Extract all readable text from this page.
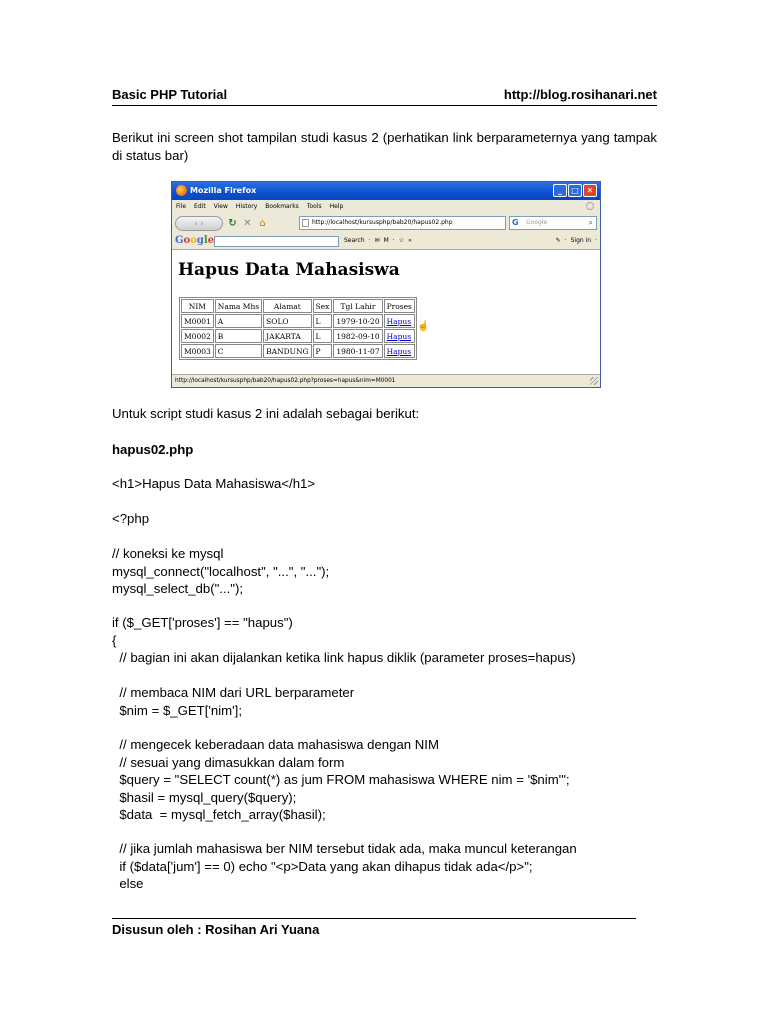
Basic PHP Tutorial	http://blog.rosihanari.net
Berikut ini screen shot tampilan studi kasus 2 (perhatikan link berparameternya yang tampak di status bar)
Mozilla Firefox	_	□ ✕
File Edit View History Bookmarks Tools Help
‹ ›	↻ ✕ ⌂	http://localhost/kursusphp/bab20/hapus02.php	G	Google	⌕
Google	Search · ✉ M · ☆ »	✎ · Sign in ·
Hapus Data Mahasiswa
NIM	Nama Mhs	Alamat	Sex	Tgl Lahir	Proses
M0001	A	SOLO	L	1979-10-20	Hapus
M0002	B	JAKARTA	L	1982-09-10	Hapus
M0003	C	BANDUNG	P	1980-11-07	Hapus
☝
http://localhost/kursusphp/bab20/hapus02.php?proses=hapus&nim=M0001
Untuk script studi kasus 2 ini adalah sebagai berikut:
hapus02.php
<h1>Hapus Data Mahasiswa</h1>
<?php
// koneksi ke mysql
mysql_connect("localhost", "...", "...");
mysql_select_db("...");
if ($_GET['proses'] == "hapus")
{
// bagian ini akan dijalankan ketika link hapus diklik (parameter proses=hapus)
// membaca NIM dari URL berparameter
$nim = $_GET['nim'];
// mengecek keberadaan data mahasiswa dengan NIM
// sesuai yang dimasukkan dalam form
$query = "SELECT count(*) as jum FROM mahasiswa WHERE nim = '$nim'";
$hasil = mysql_query($query);
$data  = mysql_fetch_array($hasil);
// jika jumlah mahasiswa ber NIM tersebut tidak ada, maka muncul keterangan
if ($data['jum'] == 0) echo "<p>Data yang akan dihapus tidak ada</p>";
else
Disusun oleh : Rosihan Ari Yuana
